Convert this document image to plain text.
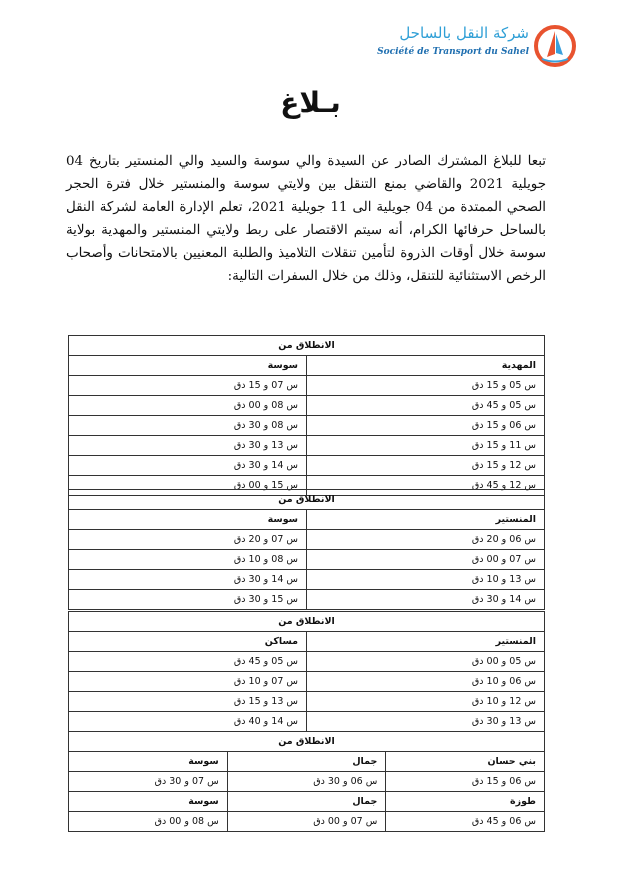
شركة النقل بالساحل
Société de Transport du Sahel
بـلاغ
تبعا للبلاغ المشترك الصادر عن السيدة والي سوسة والسيد والي المنستير بتاريخ 04 جويلية 2021 والقاضي بمنع التنقل بين ولايتي سوسة والمنستير خلال فترة الحجر الصحي الممتدة من 04 جويلية الى 11 جويلية 2021، تعلم الإدارة العامة لشركة النقل بالساحل حرفائها الكرام، أنه سيتم الاقتصار على ربط ولايتي المنستير والمهدية بولاية سوسة خلال أوقات الذروة لتأمين تنقلات التلاميذ والطلبة المعنيين بالامتحانات وأصحاب الرخص الاستثنائية للتنقل، وذلك من خلال السفرات التالية:
الانطلاق من	
المهدية	سوسة
س 05 و 15 دق	س 07 و 15 دق
س 05 و 45 دق	س 08 و 00 دق
س 06 و 15 دق	س 08 و 30 دق
س 11 و 15 دق	س 13 و 30 دق
س 12 و 15 دق	س 14 و 30 دق
س 12 و 45 دق	س 15 و 00 دق
الانطلاق من	
المنستير	سوسة
س 06 و 20 دق	س 07 و 20 دق
س 07 و 00 دق	س 08 و 10 دق
س 13 و 10 دق	س 14 و 30 دق
س 14 و 30 دق	س 15 و 30 دق
الانطلاق من	
المنستير	مساكن
س 05 و 00 دق	س 05 و 45 دق
س 06 و 10 دق	س 07 و 10 دق
س 12 و 10 دق	س 13 و 15 دق
س 13 و 30 دق	س 14 و 40 دق
الانطلاق من		
بني حسان	جمال	سوسة
س 06 و 15 دق	س 06 و 30 دق	س 07 و 30 دق
طوزة	جمال	سوسة
س 06 و 45 دق	س 07 و 00 دق	س 08 و 00 دق
